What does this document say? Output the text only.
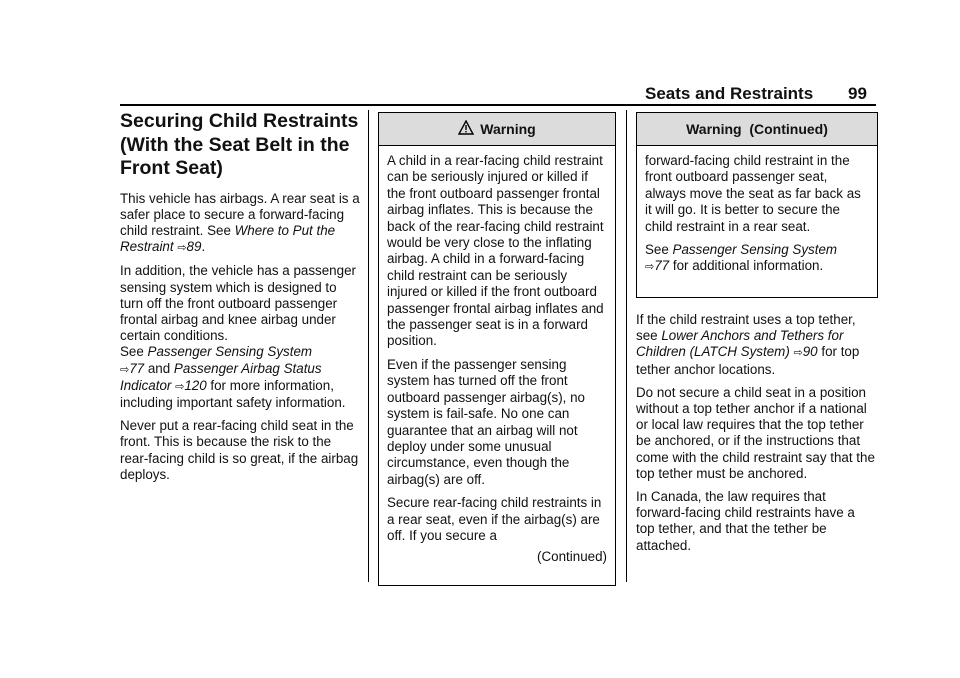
Seats and Restraints 99
Securing Child Restraints (With the Seat Belt in the Front Seat)

This vehicle has airbags. A rear seat is a safer place to secure a forward-facing child restraint. See Where to Put the Restraint ⇨89.

In addition, the vehicle has a passenger sensing system which is designed to turn off the front outboard passenger frontal airbag and knee airbag under certain conditions.
See Passenger Sensing System
⇨77 and Passenger Airbag Status Indicator ⇨120 for more information, including important safety information.

Never put a rear-facing child seat in the front. This is because the risk to the rear-facing child is so great, if the airbag deploys.

Warning

A child in a rear-facing child restraint can be seriously injured or killed if the front outboard passenger frontal airbag inflates. This is because the back of the rear-facing child restraint would be very close to the inflating airbag. A child in a forward-facing child restraint can be seriously injured or killed if the front outboard passenger frontal airbag inflates and the passenger seat is in a forward position.

Even if the passenger sensing system has turned off the front outboard passenger airbag(s), no system is fail-safe. No one can guarantee that an airbag will not deploy under some unusual circumstance, even though the airbag(s) are off.

Secure rear-facing child restraints in a rear seat, even if the airbag(s) are off. If you secure a

(Continued)
Warning  (Continued)

forward-facing child restraint in the front outboard passenger seat, always move the seat as far back as it will go. It is better to secure the child restraint in a rear seat.

See Passenger Sensing System
⇨77 for additional information.

If the child restraint uses a top tether, see Lower Anchors and Tethers for Children (LATCH System) ⇨90 for top tether anchor locations.

Do not secure a child seat in a position without a top tether anchor if a national or local law requires that the top tether be anchored, or if the instructions that come with the child restraint say that the top tether must be anchored.

In Canada, the law requires that forward-facing child restraints have a top tether, and that the tether be attached.
